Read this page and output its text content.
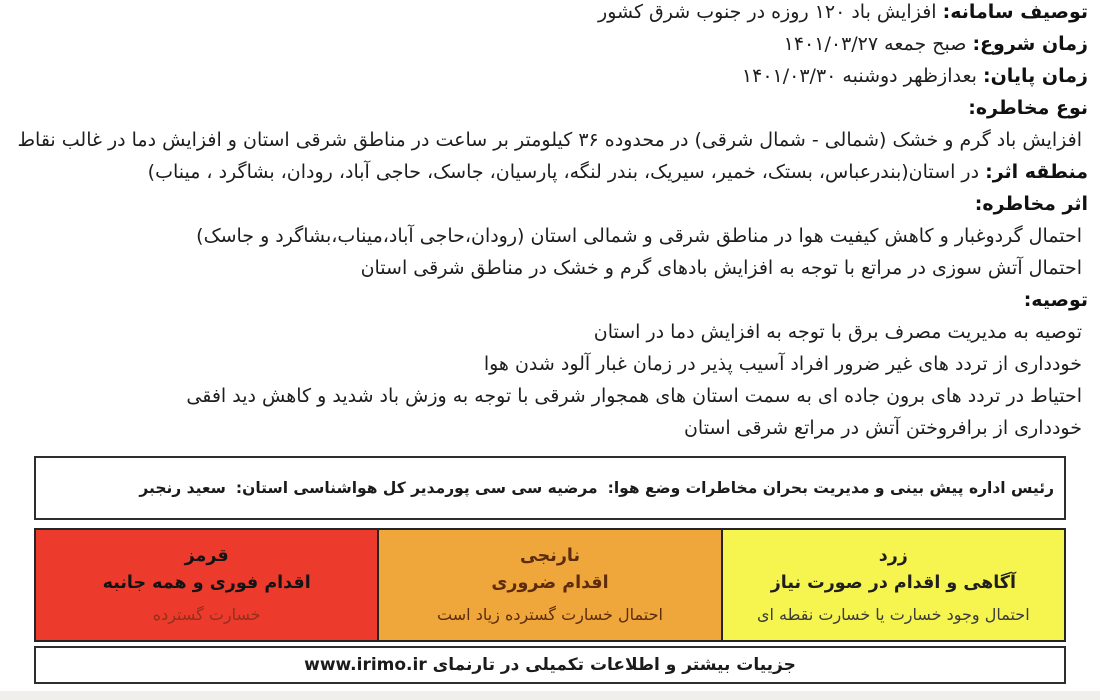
توصیف سامانه: افزایش باد ۱۲۰ روزه در جنوب شرق کشور
زمان شروع: صبح جمعه ۱۴۰۱/۰۳/۲۷
زمان پایان: بعدازظهر دوشنبه ۱۴۰۱/۰۳/۳۰
نوع مخاطره:
افزایش باد گرم و خشک (شمالی - شمال شرقی) در محدوده ۳۶ کیلومتر بر ساعت در مناطق شرقی استان و افزایش دما در غالب نقاط
منطقه اثر: در استان(بندرعباس، بستک، خمیر، سیریک، بندر لنگه، پارسیان، جاسک، حاجی آباد، رودان، بشاگرد ، میناب)
اثر مخاطره:
احتمال گردوغبار و کاهش کیفیت هوا در مناطق شرقی و شمالی استان (رودان،حاجی آباد،میناب،بشاگرد و جاسک)
احتمال آتش سوزی در مراتع با توجه به افزایش بادهای گرم و خشک در مناطق شرقی استان
توصیه:
توصیه به مدیریت مصرف برق با توجه به افزایش دما در استان
خودداری از تردد های غیر ضرور افراد آسیب پذیر در زمان غبار آلود شدن هوا
احتیاط در تردد های برون جاده ای به سمت استان های همجوار شرقی با توجه به وزش باد شدید و کاهش دید افقی
خودداری از برافروختن آتش در مراتع شرقی استان
رئیس اداره پیش بینی و مدیریت بحران مخاطرات وضع هوا:مرضیه سی سی پور
مدیر کل هواشناسی استان:سعید رنجبر
قرمز
اقدام فوری و همه جانبه
خسارت گسترده
نارنجی
اقدام ضروری
احتمال خسارت گسترده زیاد است
زرد
آگاهی و اقدام در صورت نیاز
احتمال وجود خسارت یا خسارت نقطه ای
جزییات بیشتر و اطلاعات تکمیلی در تارنمای www.irimo.ir
